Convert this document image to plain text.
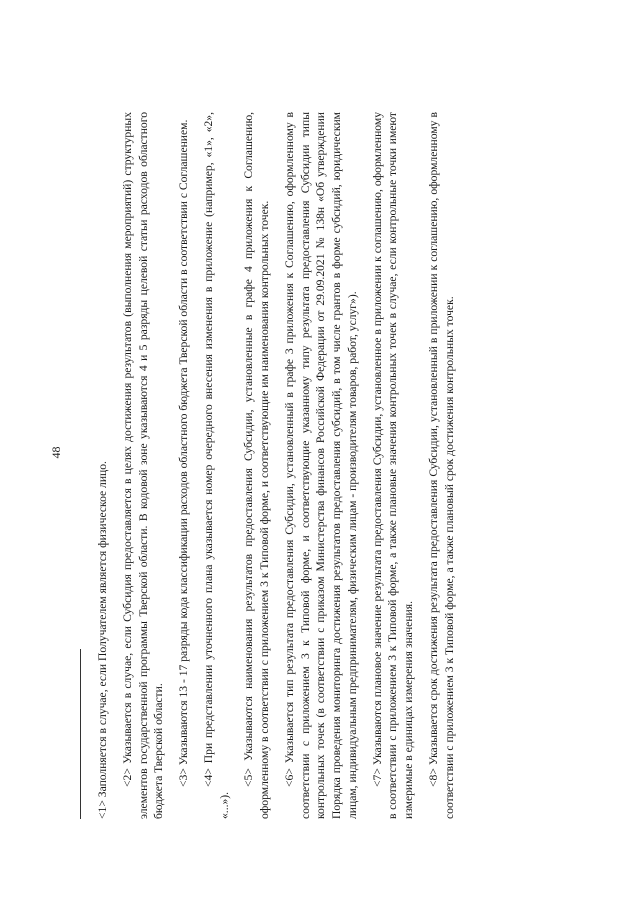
48

<1> Заполняется в случае, если Получателем является физическое лицо. <2> Указывается в случае, если Субсидия предоставляется в целях достижения результатов (выполнения мероприятий) структурных элементов государственной программы Тверской области. В кодовой зоне указываются 4 и 5 разряды целевой статьи расходов областного бюджета Тверской области. <3> Указываются 13 - 17 разряды кода классификации расходов областного бюджета Тверской области в соответствии с Соглашением. <4> При представлении уточненного плана указывается номер очередного внесения изменения в приложение (например, «1», «2», «...»).

<5> Указываются наименования результатов предоставления Субсидии, установленные в графе 4 приложения к Соглашению, оформленному в соответствии с приложением 3 к Типовой форме, и соответствующие им наименования контрольных точек. <6> Указывается тип результата предоставления Субсидии, установленный в графе 3 приложения к Соглашению, оформленному в соответствии с приложением 3 к Типовой форме, и соответствующие указанному типу результата предоставления Субсидии типы контрольных точек (в соответствии с приказом Министерства финансов Российской Федерации от 29.09.2021 № 138н «Об утверждении Порядка проведения мониторинга достижения результатов предоставления субсидий, в том числе грантов в форме субсидий, юридическим лицам, индивидуальным предпринимателям, физическим лицам - производителям товаров, работ, услуг»). <7> Указываются плановое значение результата предоставления Субсидии, установленное в приложении к соглашению, оформленному в соответствии с приложением 3 к Типовой форме, а также плановые значения контрольных точек в случае, если контрольные точки имеют измеримые в единицах измерения значения. <8> Указывается срок достижения результата предоставления Субсидии, установленный в приложении к соглашению, оформленному в соответствии с приложением 3 к Типовой форме, а также плановый срок достижения контрольных точек.
